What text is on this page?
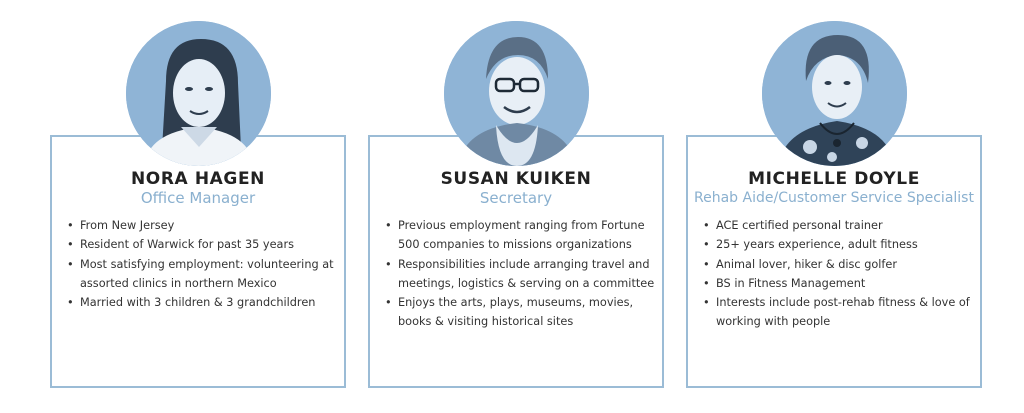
NORA HAGEN
Office Manager
• From New Jersey
• Resident of Warwick for past 35 years
• Most satisfying employment: volunteering at assorted clinics in northern Mexico
• Married with 3 children & 3 grandchildren
SUSAN KUIKEN
Secretary
• Previous employment ranging from Fortune 500 companies to missions organizations
• Responsibilities include arranging travel and meetings, logistics & serving on a committee
• Enjoys the arts, plays, museums, movies, books & visiting historical sites
MICHELLE DOYLE
Rehab Aide/Customer Service Specialist
• ACE certified personal trainer
• 25+ years experience, adult fitness
• Animal lover, hiker & disc golfer
• BS in Fitness Management
• Interests include post-rehab fitness & love of working with people
